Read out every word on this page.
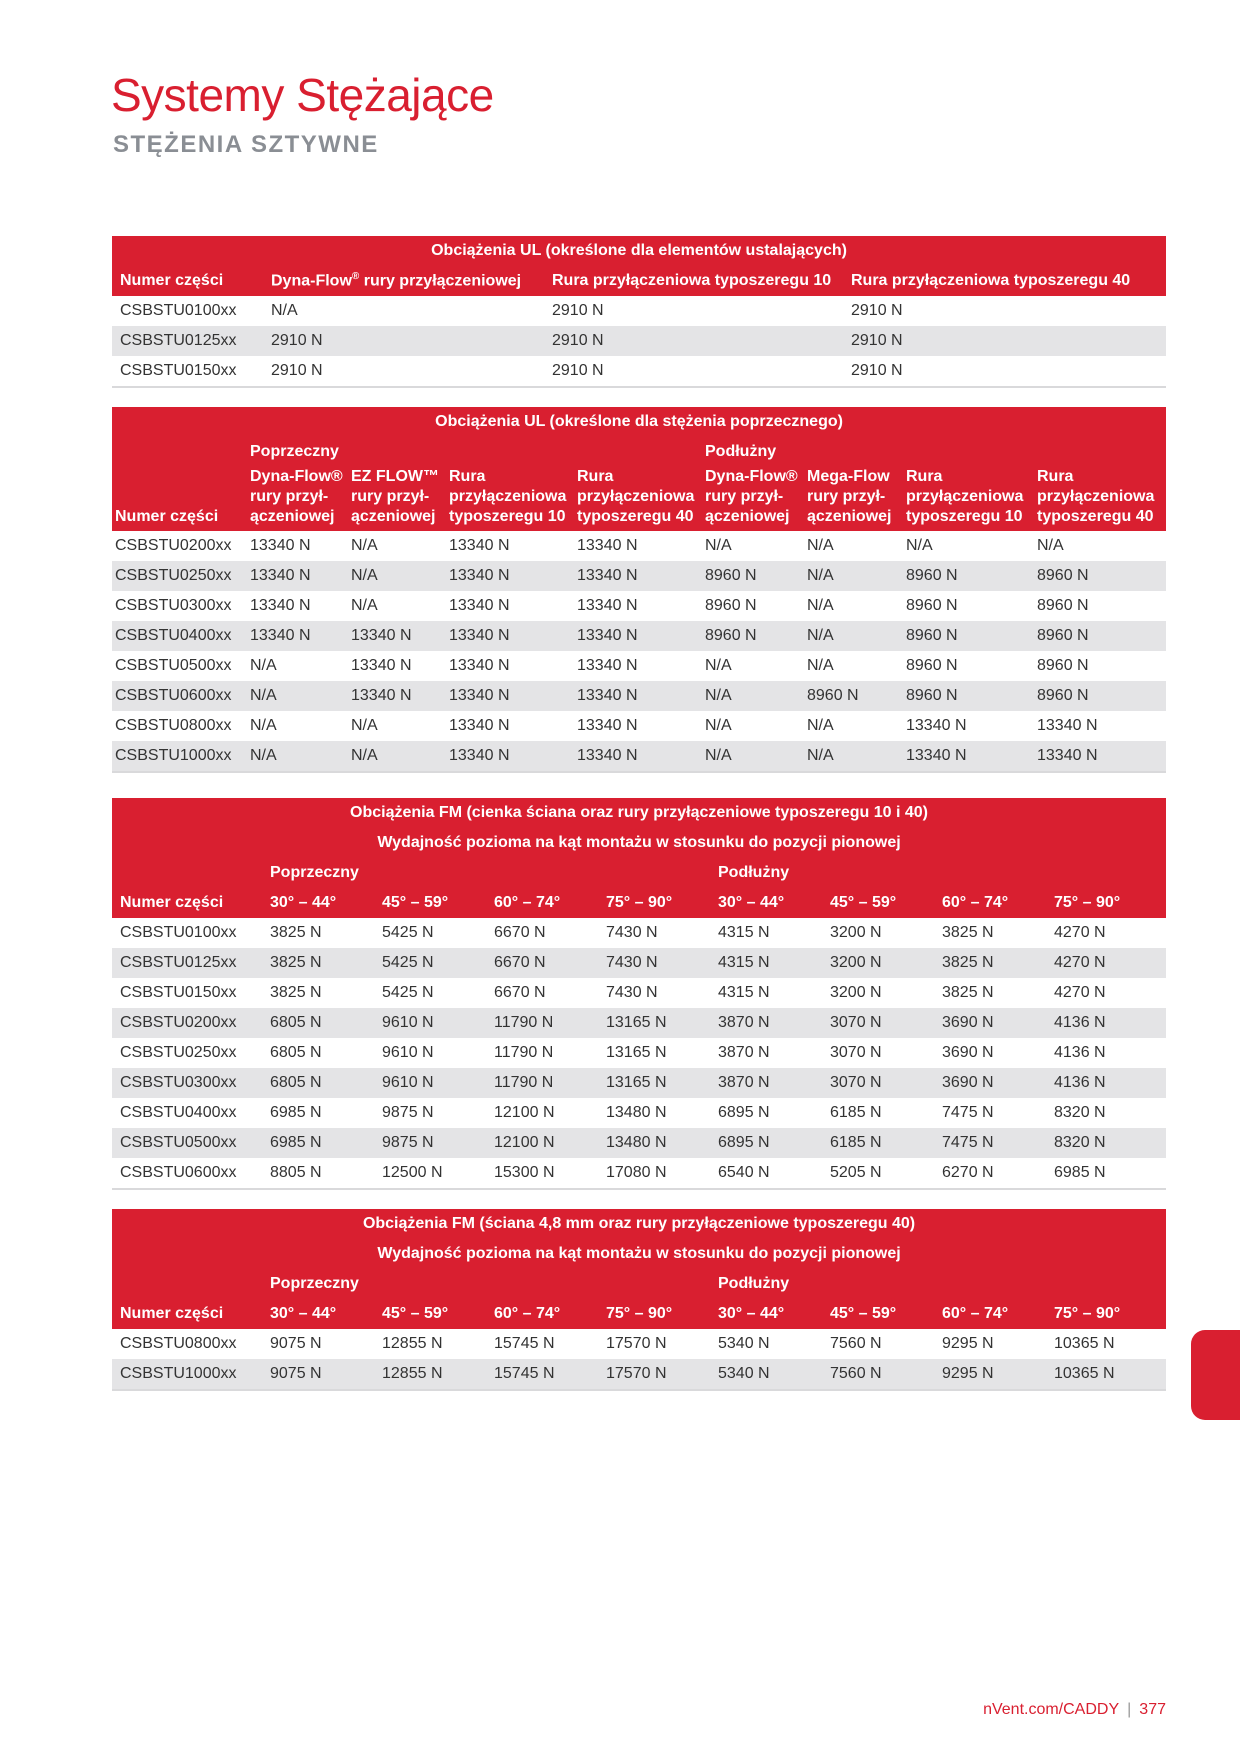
Systemy Stężające
STĘŻENIA SZTYWNE
Obciążenia UL (określone dla elementów ustalających)			
Numer części	Dyna-Flow® rury przyłączeniowej	Rura przyłączeniowa typoszeregu 10	Rura przyłączeniowa typoszeregu 40
CSBSTU0100xx	N/A	2910 N	2910 N
CSBSTU0125xx	2910 N	2910 N	2910 N
CSBSTU0150xx	2910 N	2910 N	2910 N
Obciążenia UL (określone dla stężenia poprzecznego)								
	Poprzeczny				Podłużny			
Numer części	Dyna-Flow®
rury przył-
ączeniowej	EZ FLOW™
rury przył-
ączeniowej	Rura
przyłączeniowa
typoszeregu 10	Rura
przyłączeniowa
typoszeregu 40	Dyna-Flow®
rury przył-
ączeniowej	Mega-Flow
rury przył-
ączeniowej	Rura
przyłączeniowa
typoszeregu 10	Rura
przyłączeniowa
typoszeregu 40
CSBSTU0200xx	13340 N	N/A	13340 N	13340 N	N/A	N/A	N/A	N/A
CSBSTU0250xx	13340 N	N/A	13340 N	13340 N	8960 N	N/A	8960 N	8960 N
CSBSTU0300xx	13340 N	N/A	13340 N	13340 N	8960 N	N/A	8960 N	8960 N
CSBSTU0400xx	13340 N	13340 N	13340 N	13340 N	8960 N	N/A	8960 N	8960 N
CSBSTU0500xx	N/A	13340 N	13340 N	13340 N	N/A	N/A	8960 N	8960 N
CSBSTU0600xx	N/A	13340 N	13340 N	13340 N	N/A	8960 N	8960 N	8960 N
CSBSTU0800xx	N/A	N/A	13340 N	13340 N	N/A	N/A	13340 N	13340 N
CSBSTU1000xx	N/A	N/A	13340 N	13340 N	N/A	N/A	13340 N	13340 N
Obciążenia FM (cienka ściana oraz rury przyłączeniowe typoszeregu 10 i 40)								
Wydajność pozioma na kąt montażu w stosunku do pozycji pionowej								
	Poprzeczny				Podłużny			
Numer części	30° – 44°	45° – 59°	60° – 74°	75° – 90°	30° – 44°	45° – 59°	60° – 74°	75° – 90°
CSBSTU0100xx	3825 N	5425 N	6670 N	7430 N	4315 N	3200 N	3825 N	4270 N
CSBSTU0125xx	3825 N	5425 N	6670 N	7430 N	4315 N	3200 N	3825 N	4270 N
CSBSTU0150xx	3825 N	5425 N	6670 N	7430 N	4315 N	3200 N	3825 N	4270 N
CSBSTU0200xx	6805 N	9610 N	11790 N	13165 N	3870 N	3070 N	3690 N	4136 N
CSBSTU0250xx	6805 N	9610 N	11790 N	13165 N	3870 N	3070 N	3690 N	4136 N
CSBSTU0300xx	6805 N	9610 N	11790 N	13165 N	3870 N	3070 N	3690 N	4136 N
CSBSTU0400xx	6985 N	9875 N	12100 N	13480 N	6895 N	6185 N	7475 N	8320 N
CSBSTU0500xx	6985 N	9875 N	12100 N	13480 N	6895 N	6185 N	7475 N	8320 N
CSBSTU0600xx	8805 N	12500 N	15300 N	17080 N	6540 N	5205 N	6270 N	6985 N
Obciążenia FM (ściana 4,8 mm oraz rury przyłączeniowe typoszeregu 40)								
Wydajność pozioma na kąt montażu w stosunku do pozycji pionowej								
	Poprzeczny				Podłużny			
Numer części	30° – 44°	45° – 59°	60° – 74°	75° – 90°	30° – 44°	45° – 59°	60° – 74°	75° – 90°
CSBSTU0800xx	9075 N	12855 N	15745 N	17570 N	5340 N	7560 N	9295 N	10365 N
CSBSTU1000xx	9075 N	12855 N	15745 N	17570 N	5340 N	7560 N	9295 N	10365 N
nVent.com/CADDY | 377
